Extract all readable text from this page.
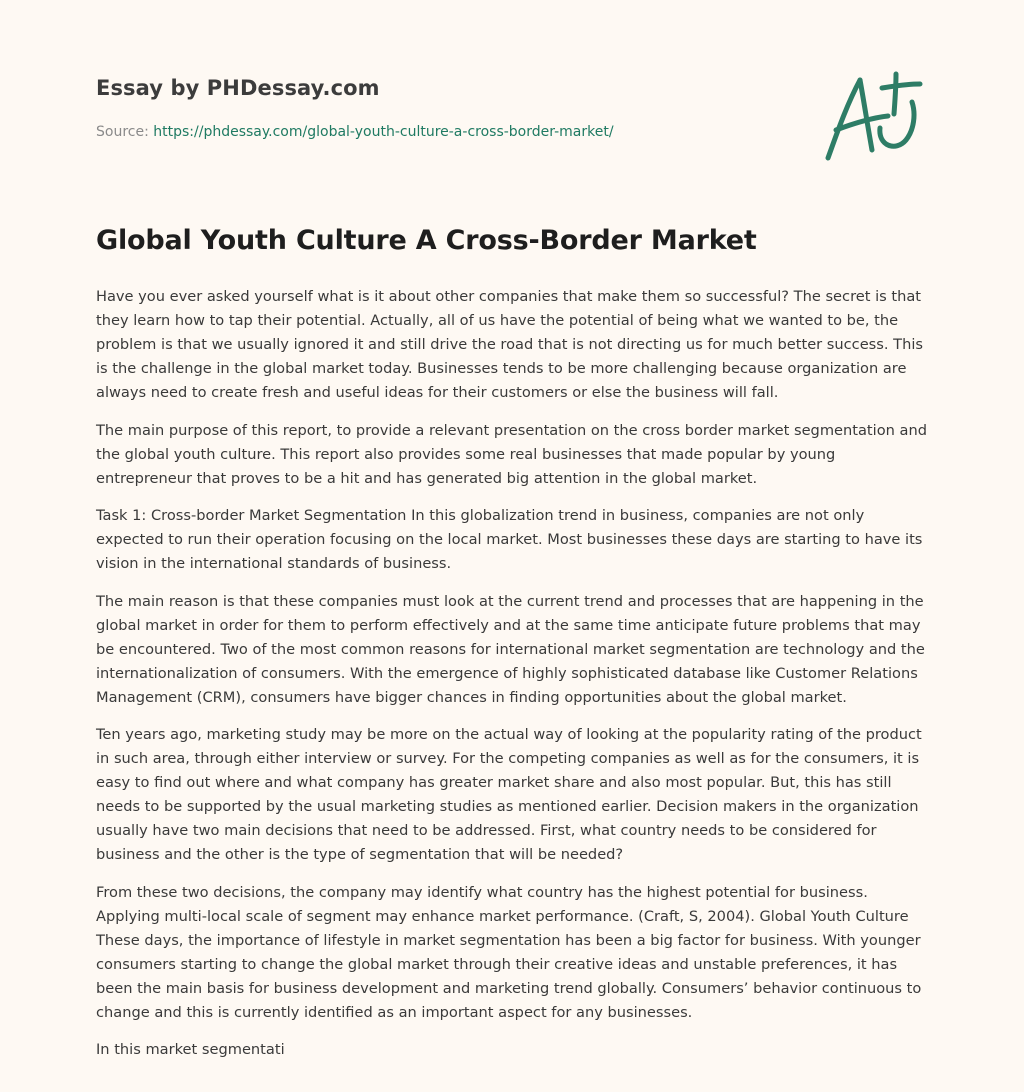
Essay by PHDessay.com

Source: https://phdessay.com/global-youth-culture-a-cross-border-market/

Global Youth Culture A Cross-Border Market

Have you ever asked yourself what is it about other companies that make them so successful? The secret is that they learn how to tap their potential. Actually, all of us have the potential of being what we wanted to be, the problem is that we usually ignored it and still drive the road that is not directing us for much better success. This is the challenge in the global market today. Businesses tends to be more challenging because organization are always need to create fresh and useful ideas for their customers or else the business will fall.

The main purpose of this report, to provide a relevant presentation on the cross border market segmentation and the global youth culture. This report also provides some real businesses that made popular by young entrepreneur that proves to be a hit and has generated big attention in the global market.

Task 1: Cross-border Market Segmentation In this globalization trend in business, companies are not only expected to run their operation focusing on the local market. Most businesses these days are starting to have its vision in the international standards of business.

The main reason is that these companies must look at the current trend and processes that are happening in the global market in order for them to perform effectively and at the same time anticipate future problems that may be encountered. Two of the most common reasons for international market segmentation are technology and the internationalization of consumers. With the emergence of highly sophisticated database like Customer Relations Management (CRM), consumers have bigger chances in finding opportunities about the global market.

Ten years ago, marketing study may be more on the actual way of looking at the popularity rating of the product in such area, through either interview or survey. For the competing companies as well as for the consumers, it is easy to find out where and what company has greater market share and also most popular. But, this has still needs to be supported by the usual marketing studies as mentioned earlier. Decision makers in the organization usually have two main decisions that need to be addressed. First, what country needs to be considered for business and the other is the type of segmentation that will be needed?

From these two decisions, the company may identify what country has the highest potential for business. Applying multi-local scale of segment may enhance market performance. (Craft, S, 2004). Global Youth Culture These days, the importance of lifestyle in market segmentation has been a big factor for business. With younger consumers starting to change the global market through their creative ideas and unstable preferences, it has been the main basis for business development and marketing trend globally. Consumers’ behavior continuous to change and this is currently identified as an important aspect for any businesses.

In this market segmentati
